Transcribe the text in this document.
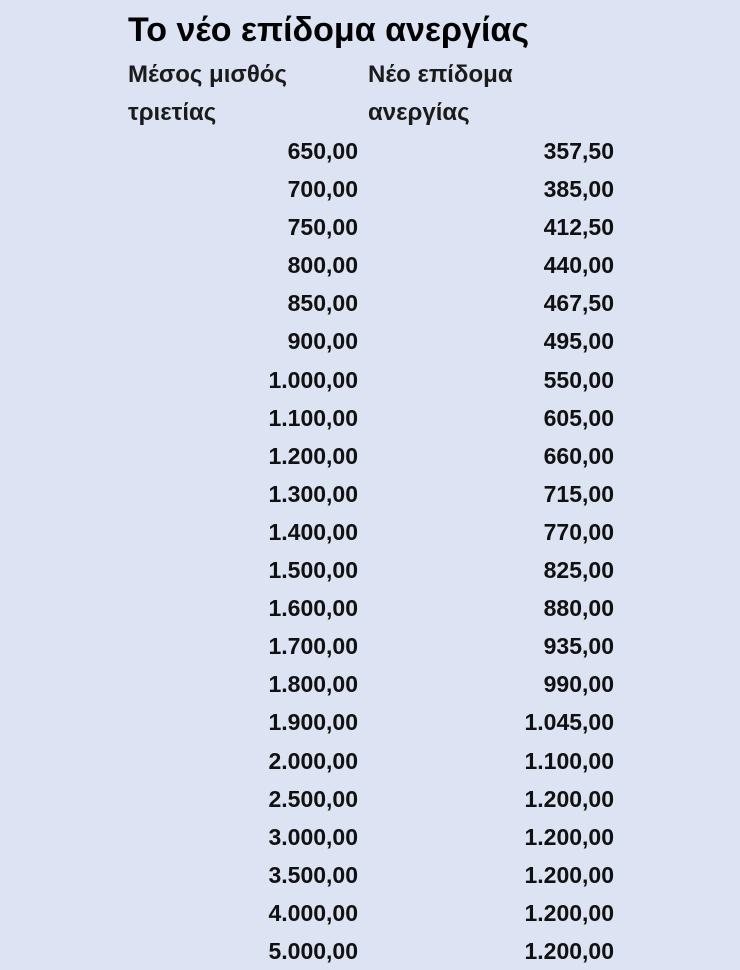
Το νέο επίδομα ανεργίας
Μέσος μισθός
τριετίας
Νέο επίδομα
ανεργίας
650,00	357,50
700,00	385,00
750,00	412,50
800,00	440,00
850,00	467,50
900,00	495,00
1.000,00	550,00
1.100,00	605,00
1.200,00	660,00
1.300,00	715,00
1.400,00	770,00
1.500,00	825,00
1.600,00	880,00
1.700,00	935,00
1.800,00	990,00
1.900,00	1.045,00
2.000,00	1.100,00
2.500,00	1.200,00
3.000,00	1.200,00
3.500,00	1.200,00
4.000,00	1.200,00
5.000,00	1.200,00
